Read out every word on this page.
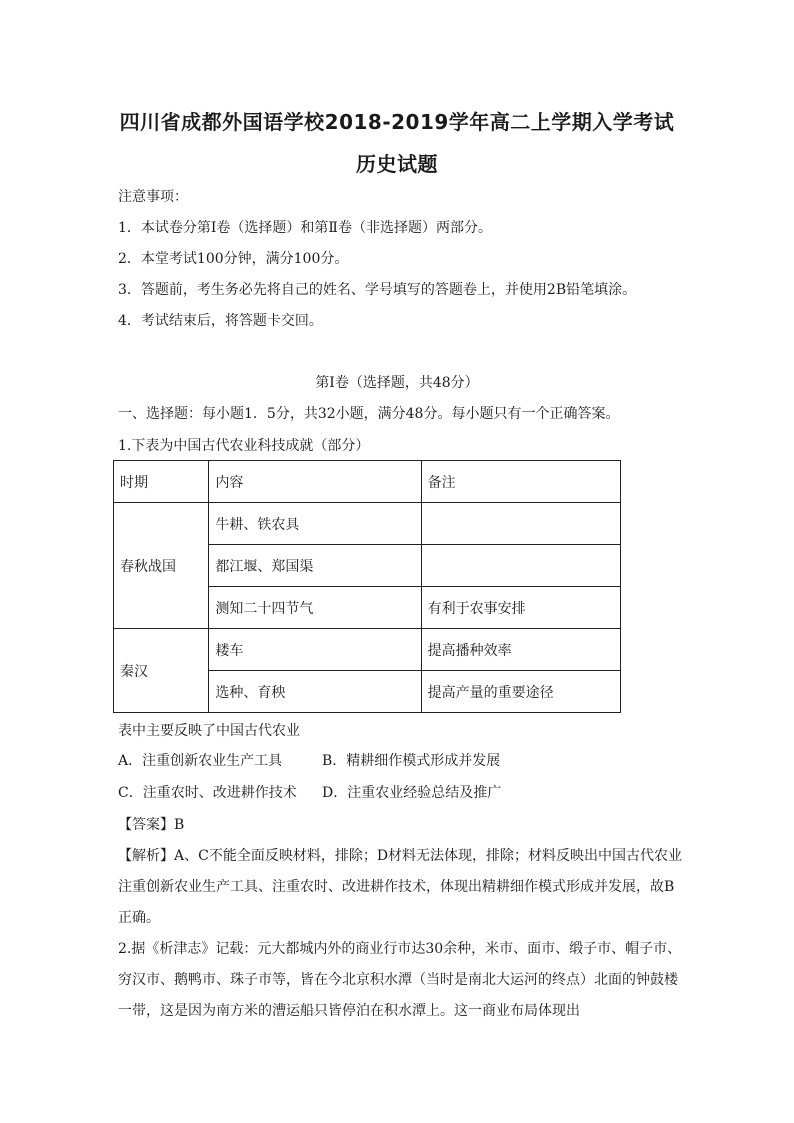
四川省成都外国语学校2018-2019学年高二上学期入学考试
历史试题
注意事项：
1．本试卷分第Ⅰ卷（选择题）和第Ⅱ卷（非选择题）两部分。
2．本堂考试100分钟，满分100分。
3．答题前，考生务必先将自己的姓名、学号填写的答题卷上，并使用2B铅笔填涂。
4．考试结束后，将答题卡交回。
第Ⅰ卷（选择题，共48分）
一、选择题：每小题1．5分，共32小题，满分48分。每小题只有一个正确答案。
1.下表为中国古代农业科技成就（部分）
时期	内容	备注
春秋战国	牛耕、铁农具	
	都江堰、郑国渠	
	测知二十四节气	有利于农事安排
秦汉	耧车	提高播种效率
	选种、育秧	提高产量的重要途径
表中主要反映了中国古代农业
A．注重创新农业生产工具	B．精耕细作模式形成并发展
C．注重农时、改进耕作技术 D．注重农业经验总结及推广
【答案】B
【解析】A、C不能全面反映材料，排除；D材料无法体现，排除；材料反映出中国古代农业
注重创新农业生产工具、注重农时、改进耕作技术，体现出精耕细作模式形成并发展，故B
正确。
2.据《析津志》记载：元大都城内外的商业行市达30余种，米市、面市、缎子市、帽子市、
穷汉市、鹅鸭市、珠子市等，皆在今北京积水潭（当时是南北大运河的终点）北面的钟鼓楼
一带，这是因为南方米的漕运船只皆停泊在积水潭上。这一商业布局体现出
